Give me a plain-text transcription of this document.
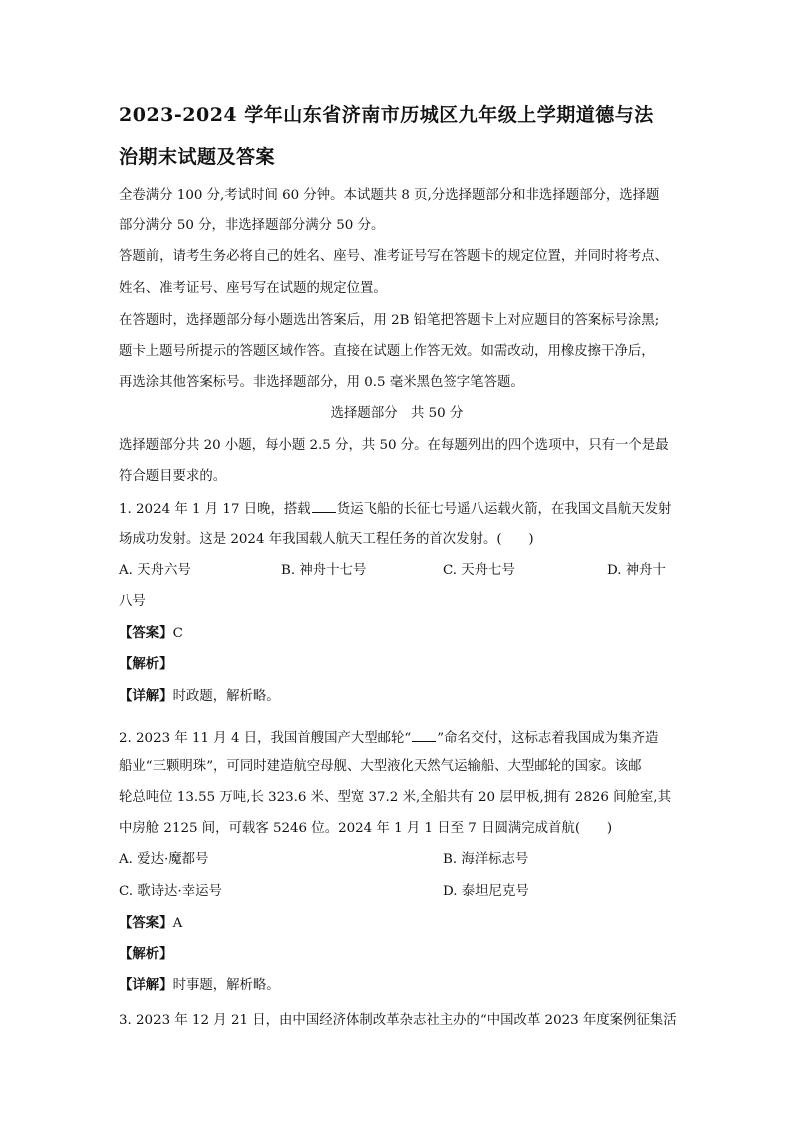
2023-2024 学年山东省济南市历城区九年级上学期道德与法
治期末试题及答案
全卷满分 100 分,考试时间 60 分钟。本试题共 8 页,分选择题部分和非选择题部分，选择题
部分满分 50 分，非选择题部分满分 50 分。
答题前，请考生务必将自己的姓名、座号、准考证号写在答题卡的规定位置，并同时将考点、
姓名、准考证号、座号写在试题的规定位置。
在答题时，选择题部分每小题选出答案后，用 2B 铅笔把答题卡上对应题目的答案标号涂黑;
题卡上题号所提示的答题区域作答。直接在试题上作答无效。如需改动，用橡皮擦干净后，
再选涂其他答案标号。非选择题部分，用 0.5 毫米黑色签字笔答题。
选择题部分　共 50 分
选择题部分共 20 小题，每小题 2.5 分，共 50 分。在每题列出的四个选项中，只有一个是最
符合题目要求的。
1. 2024 年 1 月 17 日晚，搭载 货运飞船的长征七号遥八运载火箭，在我国文昌航天发射
场成功发射。这是 2024 年我国载人航天工程任务的首次发射。(　　)
A. 天舟六号	B. 神舟十七号	C. 天舟七号	D. 神舟十
八号
【答案】C
【解析】
【详解】时政题，解析略。
2. 2023 年 11 月 4 日，我国首艘国产大型邮轮“ ”命名交付，这标志着我国成为集齐造
船业“三颗明珠”，可同时建造航空母舰、大型液化天然气运输船、大型邮轮的国家。该邮
轮总吨位 13.55 万吨,长 323.6 米、型宽 37.2 米,全船共有 20 层甲板,拥有 2826 间舱室,其
中房舱 2125 间，可载客 5246 位。2024 年 1 月 1 日至 7 日圆满完成首航(　　)
A. 爱达·魔都号	B. 海洋标志号
C. 歌诗达·幸运号	D. 泰坦尼克号
【答案】A
【解析】
【详解】时事题，解析略。
3. 2023 年 12 月 21 日，由中国经济体制改革杂志社主办的“中国改革 2023 年度案例征集活
